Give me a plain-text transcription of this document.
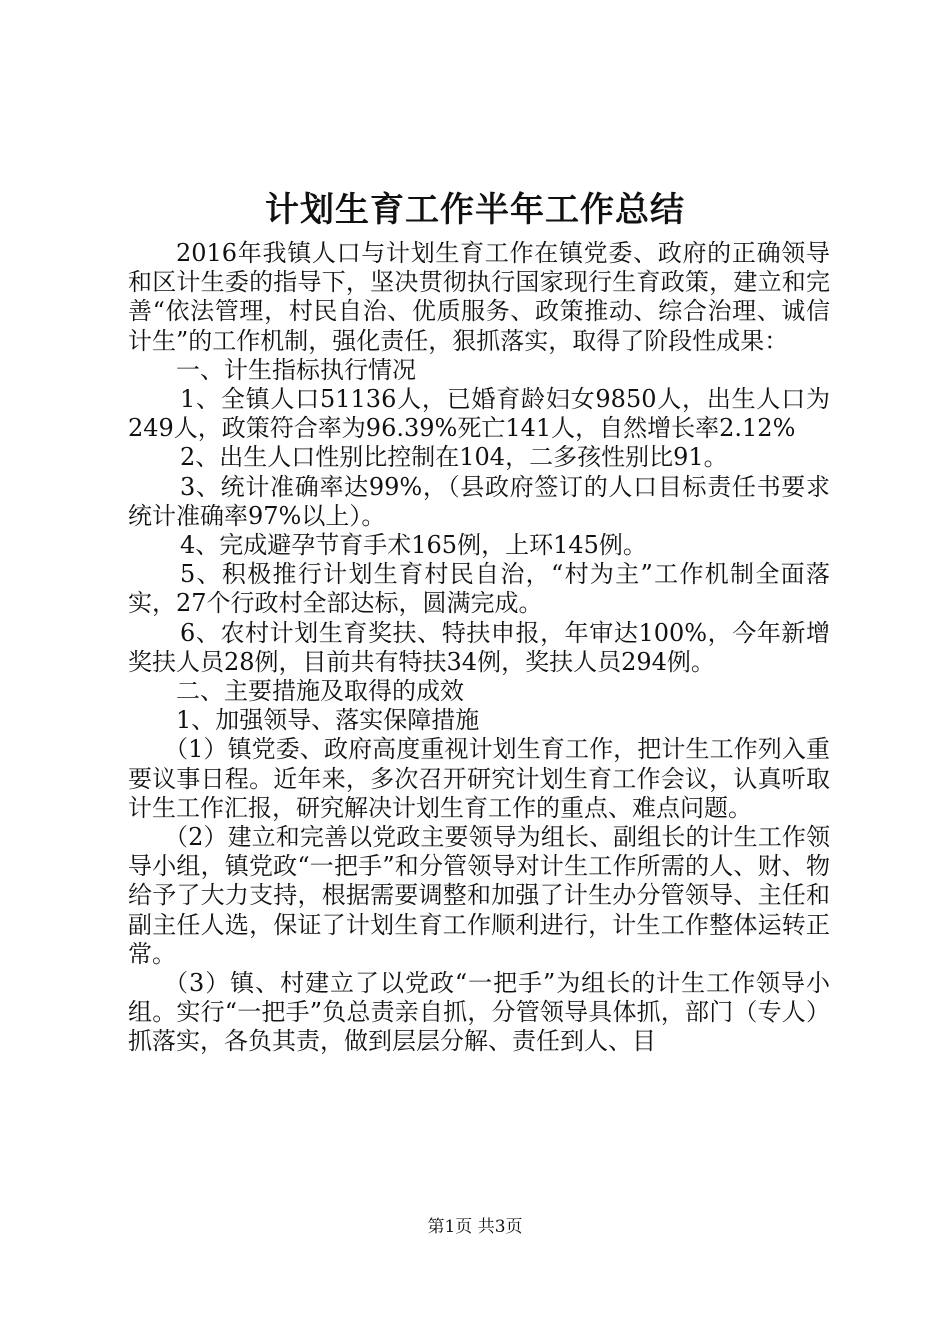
计划生育工作半年工作总结

2016年我镇人口与计划生育工作在镇党委、政府的正确领导和区计生委的指导下，坚决贯彻执行国家现行生育政策，建立和完善“依法管理，村民自治、优质服务、政策推动、综合治理、诚信计生”的工作机制，强化责任，狠抓落实，取得了阶段性成果：

一、计生指标执行情况

1、全镇人口51136人，已婚育龄妇女9850人，出生人口为249人，政策符合率为96.39%死亡141人，自然增长率2.12%

2、出生人口性别比控制在104，二多孩性别比91。

3、统计准确率达99%，（县政府签订的人口目标责任书要求统计准确率97%以上）。

4、完成避孕节育手术165例，上环145例。

5、积极推行计划生育村民自治，“村为主”工作机制全面落实，27个行政村全部达标，圆满完成。

6、农村计划生育奖扶、特扶申报，年审达100%，今年新增奖扶人员28例，目前共有特扶34例，奖扶人员294例。

二、主要措施及取得的成效

1、加强领导、落实保障措施

（1）镇党委、政府高度重视计划生育工作，把计生工作列入重要议事日程。近年来，多次召开研究计划生育工作会议，认真听取计生工作汇报，研究解决计划生育工作的重点、难点问题。

（2）建立和完善以党政主要领导为组长、副组长的计生工作领导小组，镇党政“一把手”和分管领导对计生工作所需的人、财、物给予了大力支持，根据需要调整和加强了计生办分管领导、主任和副主任人选，保证了计划生育工作顺利进行，计生工作整体运转正常。

（3）镇、村建立了以党政“一把手”为组长的计生工作领导小组。实行“一把手”负总责亲自抓，分管领导具体抓，部门（专人）抓落实，各负其责，做到层层分解、责任到人、目

第1页 共3页
